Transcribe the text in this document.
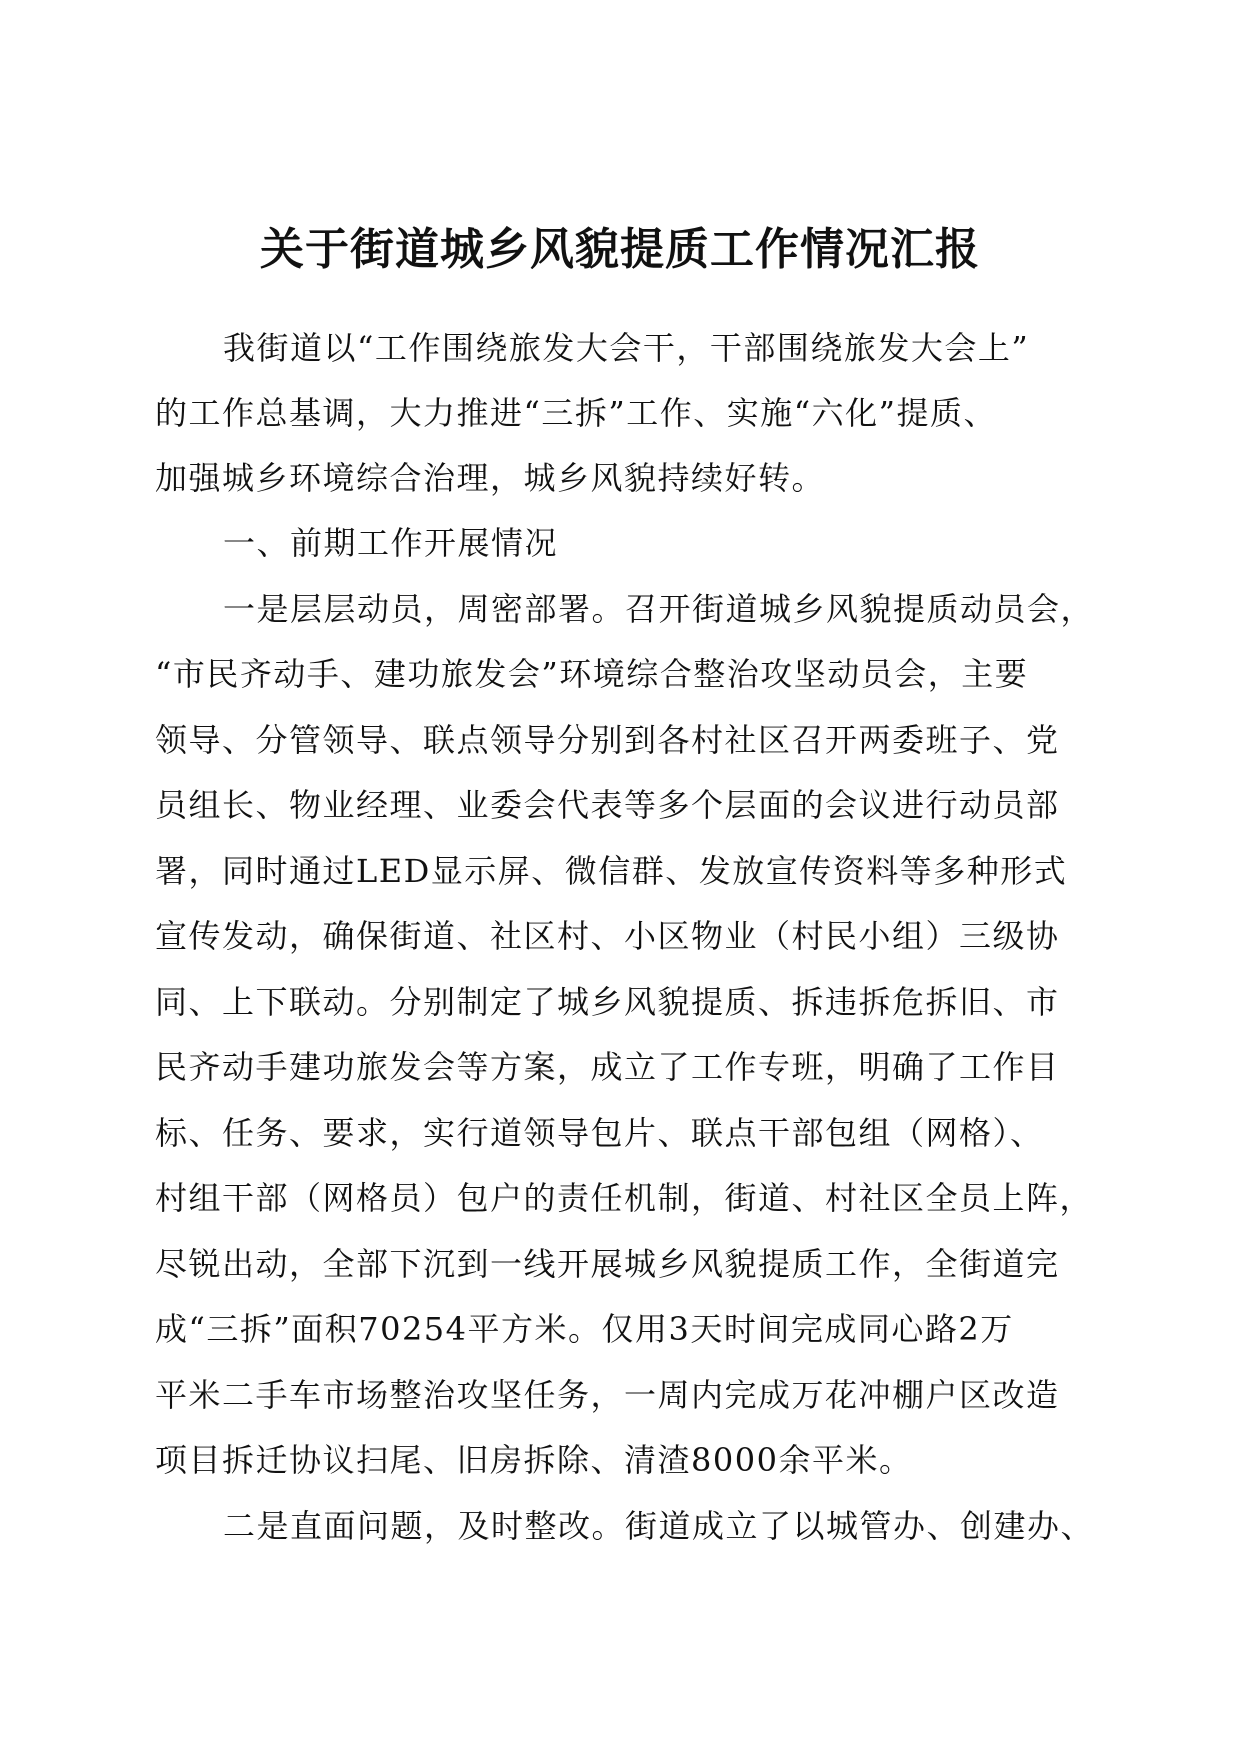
关于街道城乡风貌提质工作情况汇报
我街道以“工作围绕旅发大会干，干部围绕旅发大会上”
的工作总基调，大力推进“三拆”工作、实施“六化”提质、
加强城乡环境综合治理，城乡风貌持续好转。
一、前期工作开展情况
一是层层动员，周密部署。召开街道城乡风貌提质动员会，
“市民齐动手、建功旅发会”环境综合整治攻坚动员会，主要
领导、分管领导、联点领导分别到各村社区召开两委班子、党
员组长、物业经理、业委会代表等多个层面的会议进行动员部
署，同时通过LED显示屏、微信群、发放宣传资料等多种形式
宣传发动，确保街道、社区村、小区物业（村民小组）三级协
同、上下联动。分别制定了城乡风貌提质、拆违拆危拆旧、市
民齐动手建功旅发会等方案，成立了工作专班，明确了工作目
标、任务、要求，实行道领导包片、联点干部包组（网格）、
村组干部（网格员）包户的责任机制，街道、村社区全员上阵，
尽锐出动，全部下沉到一线开展城乡风貌提质工作，全街道完
成“三拆”面积70254平方米。仅用3天时间完成同心路2万
平米二手车市场整治攻坚任务，一周内完成万花冲棚户区改造
项目拆迁协议扫尾、旧房拆除、清渣8000余平米。
二是直面问题，及时整改。街道成立了以城管办、创建办、
